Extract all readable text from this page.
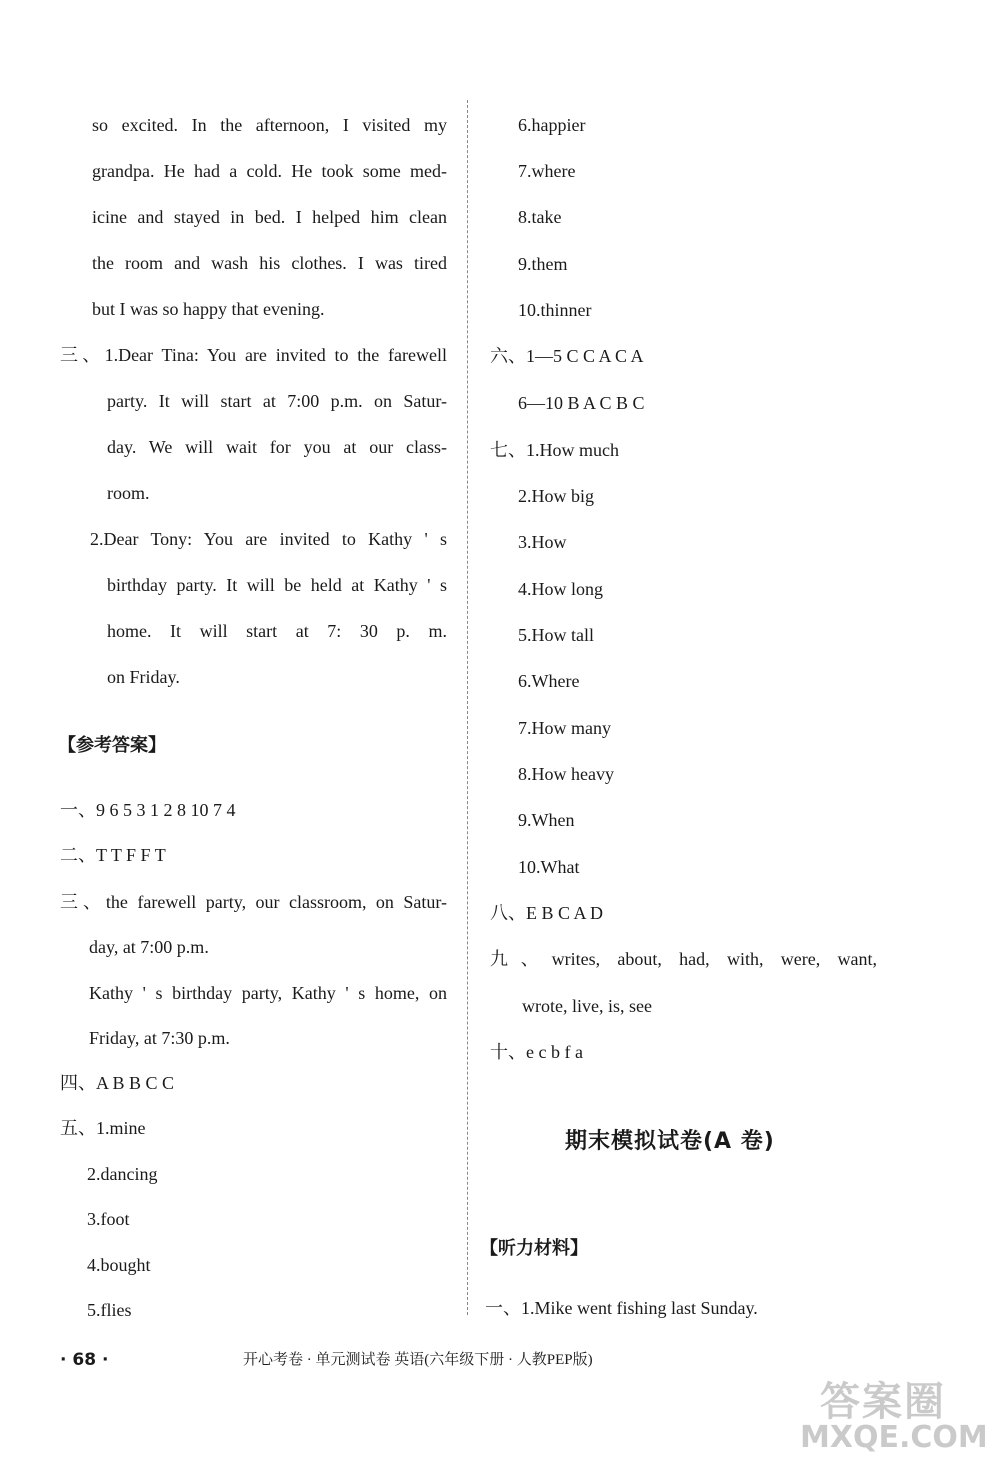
so excited. In the afternoon, I visited my
grandpa. He had a cold. He took some med-
icine and stayed in bed. I helped him clean
the room and wash his clothes. I was tired
but I was so happy that evening.
三、1.Dear Tina: You are invited to the farewell
party. It will start at 7:00 p.m. on Satur-
day. We will wait for you at our class-
room.
2.Dear Tony: You are invited to Kathy ' s
birthday party. It will be held at Kathy ' s
home. It will start at 7: 30 p. m.
on Friday.
【参考答案】
一、9 6 5 3 1 2 8 10 7 4
二、T T F F T
三、the farewell party, our classroom, on Satur-
day, at 7:00 p.m.
Kathy ' s birthday party, Kathy ' s home, on
Friday, at 7:30 p.m.
四、A B B C C
五、1.mine
2.dancing
3.foot
4.bought
5.flies
6.happier
7.where
8.take
9.them
10.thinner
六、1—5 C C A C A
6—10 B A C B C
七、1.How much
2.How big
3.How
4.How long
5.How tall
6.Where
7.How many
8.How heavy
9.When
10.What
八、E B C A D
九、writes, about, had, with, were, want,
wrote, live, is, see
十、e c b f a
期末模拟试卷(A 卷)
【听力材料】
一、1.Mike went fishing last Sunday.
· 68 ·	开心考卷 · 单元测试卷 英语(六年级下册 · 人教PEP版)
答案圈
MXQE.COM
